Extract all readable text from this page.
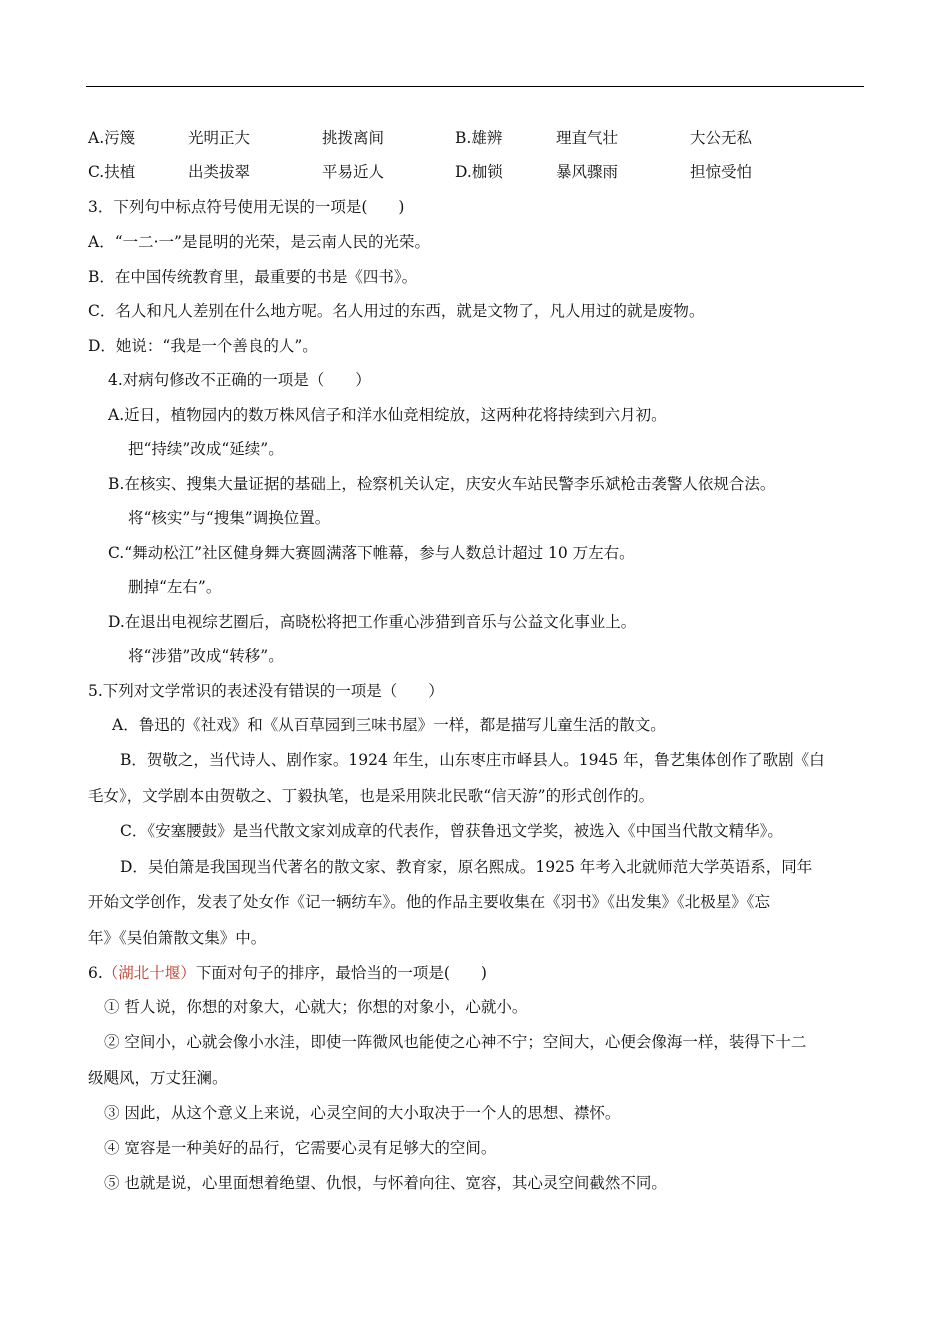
A.污篾	光明正大	挑拨离间	B.雄辨	理直气壮	大公无私
C.扶植	出类拔翠	平易近人	D.枷锁	暴风骤雨	担惊受怕
3．下列句中标点符号使用无误的一项是(　　)
A．“一二·一”是昆明的光荣，是云南人民的光荣。
B．在中国传统教育里，最重要的书是《四书》。
C．名人和凡人差别在什么地方呢。名人用过的东西，就是文物了，凡人用过的就是废物。
D．她说：“我是一个善良的人”。
4.对病句修改不正确的一项是（　　）
A.近日，植物园内的数万株风信子和洋水仙竞相绽放，这两种花将持续到六月初。
把“持续”改成“延续”。
B.在核实、搜集大量证据的基础上，检察机关认定，庆安火车站民警李乐斌枪击袭警人依规合法。
将“核实”与“搜集”调换位置。
C.“舞动松江”社区健身舞大赛圆满落下帷幕，参与人数总计超过 10 万左右。
删掉“左右”。
D.在退出电视综艺圈后，高晓松将把工作重心涉猎到音乐与公益文化事业上。
将“涉猎”改成“转移”。
5.下列对文学常识的表述没有错误的一项是（　　）
A．鲁迅的《社戏》和《从百草园到三味书屋》一样，都是描写儿童生活的散文。
B．贺敬之，当代诗人、剧作家。1924 年生，山东枣庄市峄县人。1945 年，鲁艺集体创作了歌剧《白
毛女》，文学剧本由贺敬之、丁毅执笔，也是采用陕北民歌“信天游”的形式创作的。
C．《安塞腰鼓》是当代散文家刘成章的代表作，曾获鲁迅文学奖，被选入《中国当代散文精华》。
D．吴伯箫是我国现当代著名的散文家、教育家，原名熙成。1925 年考入北就师范大学英语系，同年
开始文学创作，发表了处女作《记一辆纺车》。他的作品主要收集在《羽书》《出发集》《北极星》《忘
年》《吴伯箫散文集》中。
6.（湖北十堰）下面对句子的排序，最恰当的一项是(　　)
① 哲人说，你想的对象大，心就大；你想的对象小，心就小。
② 空间小，心就会像小水洼，即使一阵微风也能使之心神不宁；空间大，心便会像海一样，装得下十二
级飓风，万丈狂澜。
③ 因此，从这个意义上来说，心灵空间的大小取决于一个人的思想、襟怀。
④ 宽容是一种美好的品行，它需要心灵有足够大的空间。
⑤ 也就是说，心里面想着绝望、仇恨，与怀着向往、宽容，其心灵空间截然不同。
